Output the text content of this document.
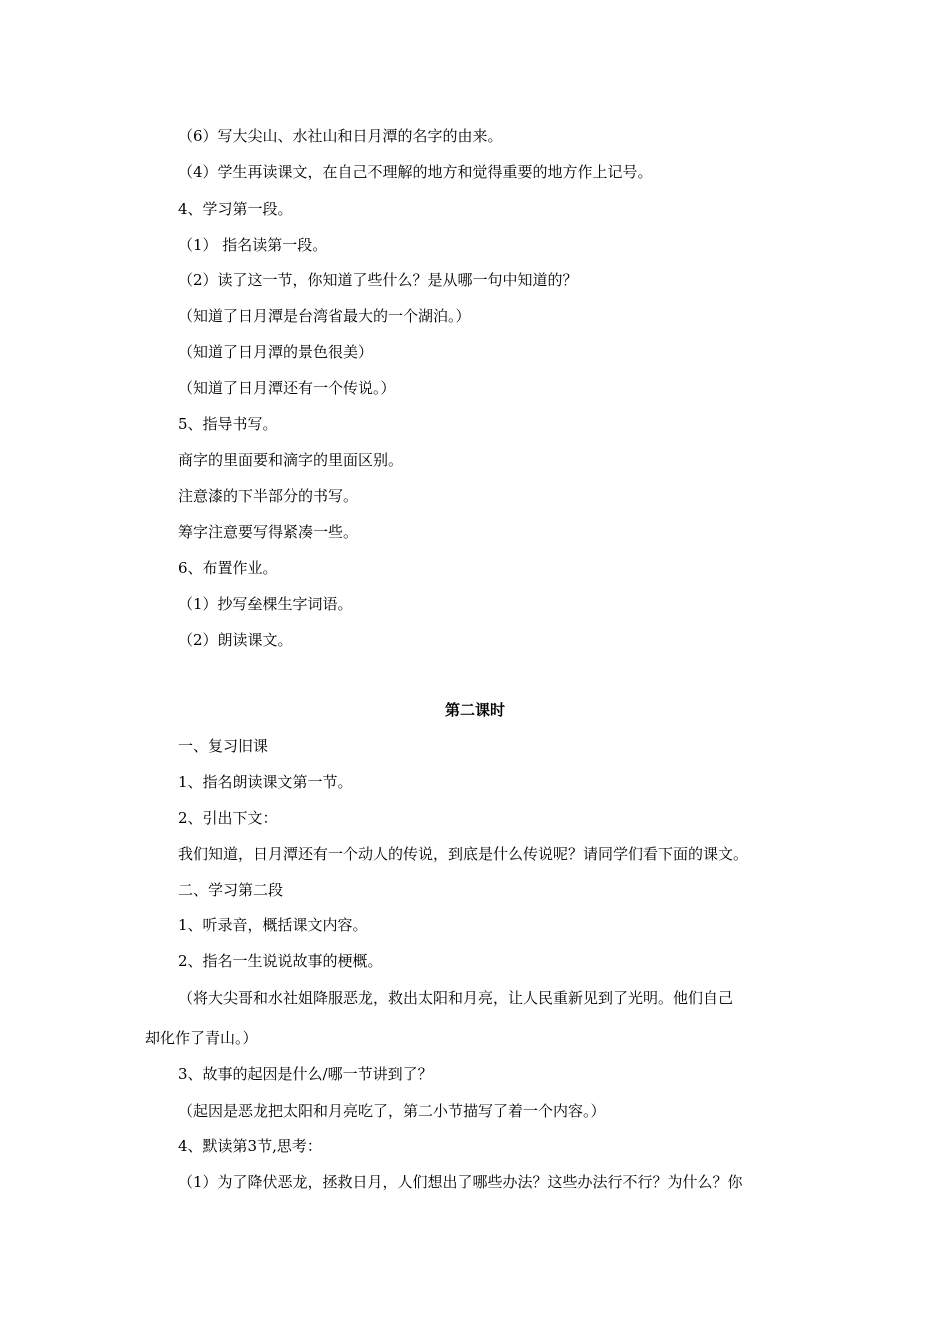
（6）写大尖山、水社山和日月潭的名字的由来。
（4）学生再读课文，在自己不理解的地方和觉得重要的地方作上记号。
4、学习第一段。
（1） 指名读第一段。
（2）读了这一节，你知道了些什么？是从哪一句中知道的？
（知道了日月潭是台湾省最大的一个湖泊。）
（知道了日月潭的景色很美）
（知道了日月潭还有一个传说。）
5、指导书写。
商字的里面要和滴字的里面区别。
注意漆的下半部分的书写。
筹字注意要写得紧凑一些。
6、布置作业。
（1）抄写垒棵生字词语。
（2）朗读课文。
第二课时
一、复习旧课
1、指名朗读课文第一节。
2、引出下文：
我们知道，日月潭还有一个动人的传说，到底是什么传说呢？请同学们看下面的课文。
二、学习第二段
1、听录音，概括课文内容。
2、指名一生说说故事的梗概。
（将大尖哥和水社姐降服恶龙，救出太阳和月亮，让人民重新见到了光明。他们自己
却化作了青山。）
3、故事的起因是什么/哪一节讲到了？
（起因是恶龙把太阳和月亮吃了，第二小节描写了着一个内容。）
4、默读第3节,思考：
（1）为了降伏恶龙，拯救日月，人们想出了哪些办法？这些办法行不行？为什么？你
